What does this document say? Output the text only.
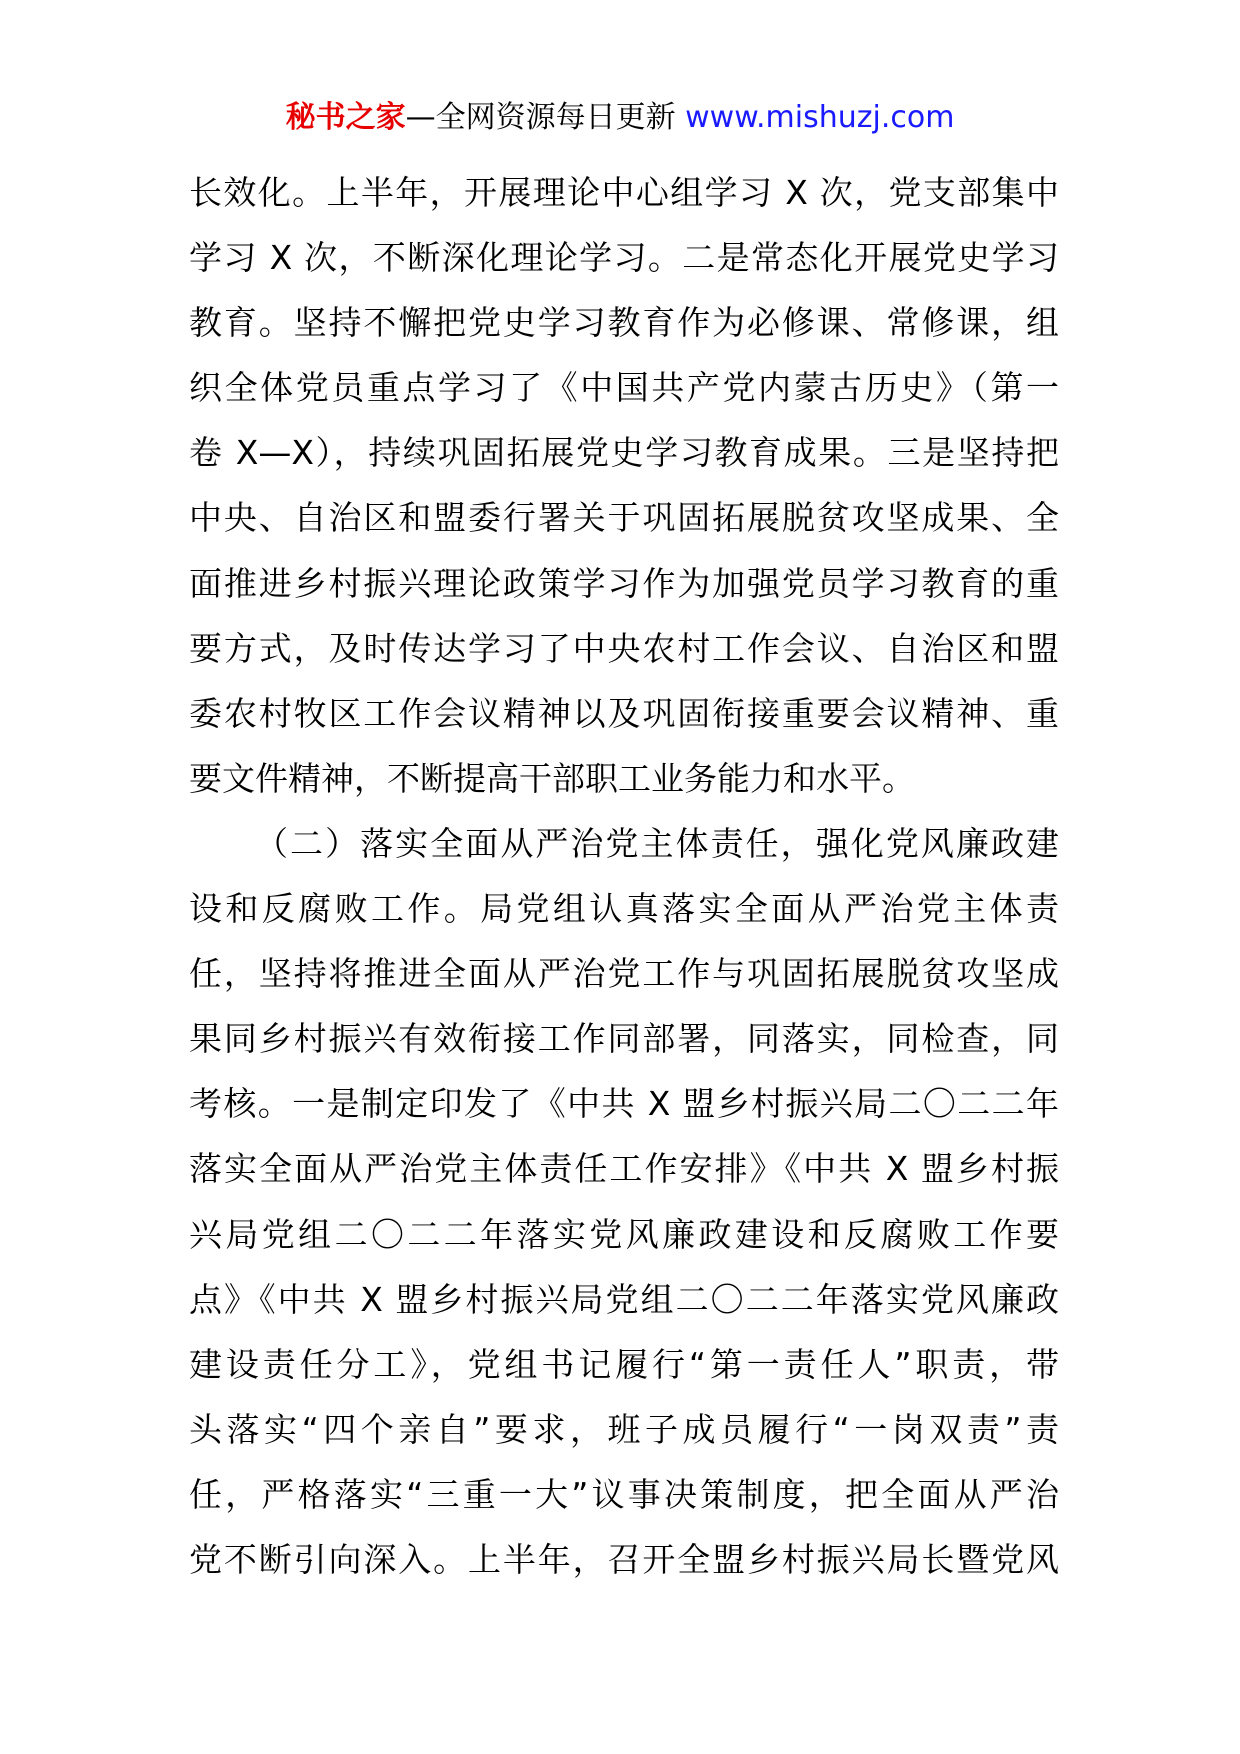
秘书之家—全网资源每日更新 www.mishuzj.com
长效化。上半年，开展理论中心组学习 X 次，党支部集中
学习 X 次，不断深化理论学习。二是常态化开展党史学习
教育。坚持不懈把党史学习教育作为必修课、常修课，组
织全体党员重点学习了《中国共产党内蒙古历史》（第一
卷 X—X），持续巩固拓展党史学习教育成果。三是坚持把
中央、自治区和盟委行署关于巩固拓展脱贫攻坚成果、全
面推进乡村振兴理论政策学习作为加强党员学习教育的重
要方式，及时传达学习了中央农村工作会议、自治区和盟
委农村牧区工作会议精神以及巩固衔接重要会议精神、重
要文件精神，不断提高干部职工业务能力和水平。
（二）落实全面从严治党主体责任，强化党风廉政建
设和反腐败工作。局党组认真落实全面从严治党主体责
任，坚持将推进全面从严治党工作与巩固拓展脱贫攻坚成
果同乡村振兴有效衔接工作同部署，同落实，同检查，同
考核。一是制定印发了《中共 X 盟乡村振兴局二〇二二年
落实全面从严治党主体责任工作安排》《中共 X 盟乡村振
兴局党组二〇二二年落实党风廉政建设和反腐败工作要
点》《中共 X 盟乡村振兴局党组二〇二二年落实党风廉政
建设责任分工》，党组书记履行“第一责任人”职责，带
头落实“四个亲自”要求，班子成员履行“一岗双责”责
任，严格落实“三重一大”议事决策制度，把全面从严治
党不断引向深入。上半年，召开全盟乡村振兴局长暨党风
